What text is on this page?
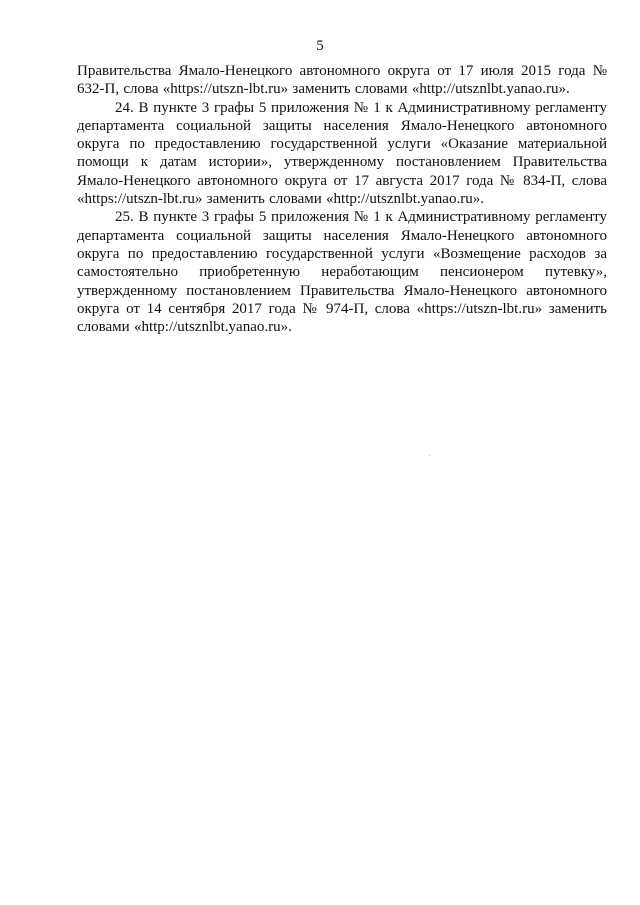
5

Правительства Ямало-Ненецкого автономного округа от 17 июля 2015 года № 632-П, слова «https://utszn-lbt.ru» заменить словами «http://utsznlbt.yanao.ru».

24. В пункте 3 графы 5 приложения № 1 к Административному регламенту департамента социальной защиты населения Ямало-Ненецкого автономного округа по предоставлению государственной услуги «Оказание материальной помощи к датам истории», утвержденному постановлением Правительства Ямало-Ненецкого автономного округа от 17 августа 2017 года № 834-П, слова «https://utszn-lbt.ru» заменить словами «http://utsznlbt.yanao.ru».

25. В пункте 3 графы 5 приложения № 1 к Административному регламенту департамента социальной защиты населения Ямало-Ненецкого автономного округа по предоставлению государственной услуги «Возмещение расходов за самостоятельно приобретенную неработающим пенсионером путевку», утвержденному постановлением Правительства Ямало-Ненецкого автономного округа от 14 сентября 2017 года № 974-П, слова «https://utszn-lbt.ru» заменить словами «http://utsznlbt.yanao.ru».
